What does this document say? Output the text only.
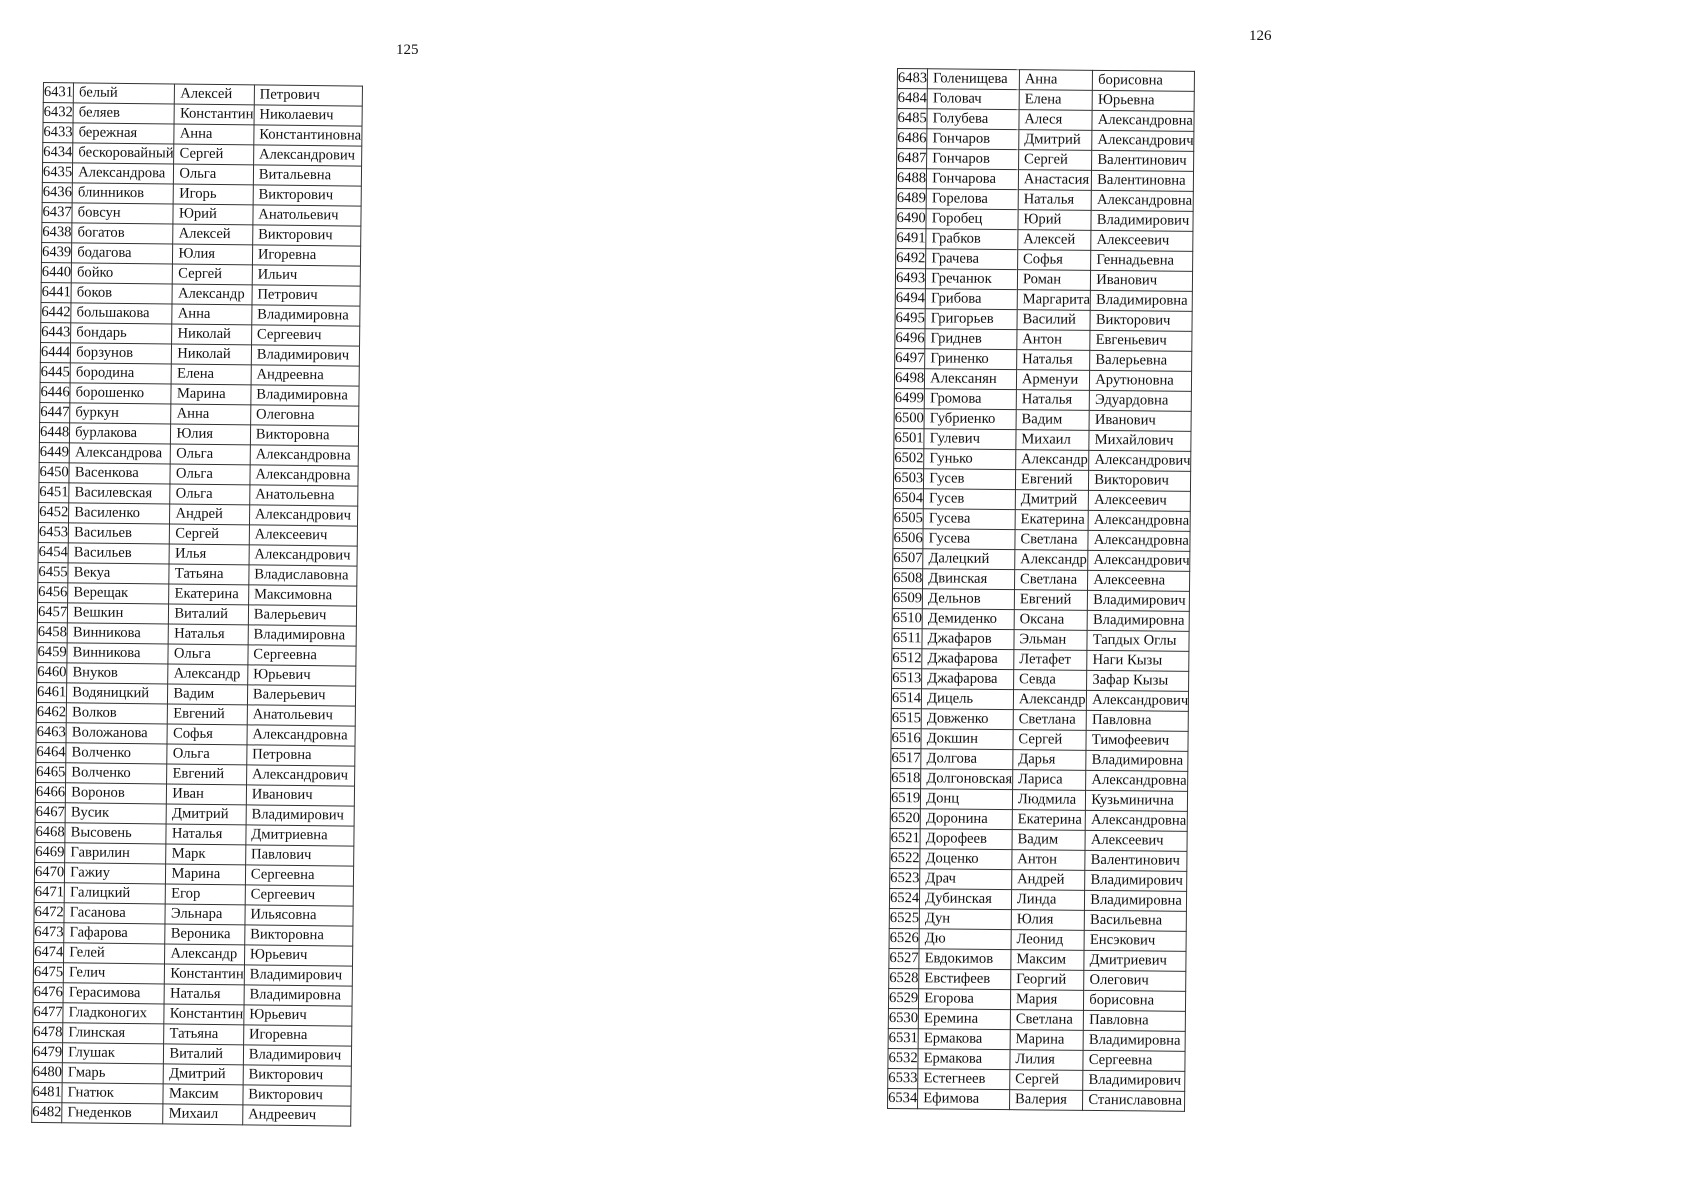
125
6431	белый	Алексей	Петрович
6432	беляев	Константин	Николаевич
6433	бережная	Анна	Константиновна
6434	бескоровайный	Сергей	Александрович
6435	Александрова	Ольга	Витальевна
6436	блинников	Игорь	Викторович
6437	бовсун	Юрий	Анатольевич
6438	богатов	Алексей	Викторович
6439	бодагова	Юлия	Игоревна
6440	бойко	Сергей	Ильич
6441	боков	Александр	Петрович
6442	большакова	Анна	Владимировна
6443	бондарь	Николай	Сергеевич
6444	борзунов	Николай	Владимирович
6445	бородина	Елена	Андреевна
6446	борошенко	Марина	Владимировна
6447	буркун	Анна	Олеговна
6448	бурлакова	Юлия	Викторовна
6449	Александрова	Ольга	Александровна
6450	Васенкова	Ольга	Александровна
6451	Василевская	Ольга	Анатольевна
6452	Василенко	Андрей	Александрович
6453	Васильев	Сергей	Алексеевич
6454	Васильев	Илья	Александрович
6455	Векуа	Татьяна	Владиславовна
6456	Верещак	Екатерина	Максимовна
6457	Вешкин	Виталий	Валерьевич
6458	Винникова	Наталья	Владимировна
6459	Винникова	Ольга	Сергеевна
6460	Внуков	Александр	Юрьевич
6461	Водяницкий	Вадим	Валерьевич
6462	Волков	Евгений	Анатольевич
6463	Воложанова	Софья	Александровна
6464	Волченко	Ольга	Петровна
6465	Волченко	Евгений	Александрович
6466	Воронов	Иван	Иванович
6467	Вусик	Дмитрий	Владимирович
6468	Высовень	Наталья	Дмитриевна
6469	Гаврилин	Марк	Павлович
6470	Гажиу	Марина	Сергеевна
6471	Галицкий	Егор	Сергеевич
6472	Гасанова	Эльнара	Ильясовна
6473	Гафарова	Вероника	Викторовна
6474	Гелей	Александр	Юрьевич
6475	Гелич	Константин	Владимирович
6476	Герасимова	Наталья	Владимировна
6477	Гладконогих	Константин	Юрьевич
6478	Глинская	Татьяна	Игоревна
6479	Глушак	Виталий	Владимирович
6480	Гмарь	Дмитрий	Викторович
6481	Гнатюк	Максим	Викторович
6482	Гнеденков	Михаил	Андреевич
126
6483	Голенищева	Анна	борисовна
6484	Головач	Елена	Юрьевна
6485	Голубева	Алеся	Александровна
6486	Гончаров	Дмитрий	Александрович
6487	Гончаров	Сергей	Валентинович
6488	Гончарова	Анастасия	Валентиновна
6489	Горелова	Наталья	Александровна
6490	Горобец	Юрий	Владимирович
6491	Грабков	Алексей	Алексеевич
6492	Грачева	Софья	Геннадьевна
6493	Гречанюк	Роман	Иванович
6494	Грибова	Маргарита	Владимировна
6495	Григорьев	Василий	Викторович
6496	Гриднев	Антон	Евгеньевич
6497	Гриненко	Наталья	Валерьевна
6498	Алексанян	Арменуи	Арутюновна
6499	Громова	Наталья	Эдуардовна
6500	Губриенко	Вадим	Иванович
6501	Гулевич	Михаил	Михайлович
6502	Гунько	Александр	Александрович
6503	Гусев	Евгений	Викторович
6504	Гусев	Дмитрий	Алексеевич
6505	Гусева	Екатерина	Александровна
6506	Гусева	Светлана	Александровна
6507	Далецкий	Александр	Александрович
6508	Двинская	Светлана	Алексеевна
6509	Дельнов	Евгений	Владимирович
6510	Демиденко	Оксана	Владимировна
6511	Джафаров	Эльман	Тапдых Оглы
6512	Джафарова	Летафет	Наги Кызы
6513	Джафарова	Севда	Зафар Кызы
6514	Дицель	Александр	Александрович
6515	Довженко	Светлана	Павловна
6516	Докшин	Сергей	Тимофеевич
6517	Долгова	Дарья	Владимировна
6518	Долгоновская	Лариса	Александровна
6519	Донц	Людмила	Кузьминична
6520	Доронина	Екатерина	Александровна
6521	Дорофеев	Вадим	Алексеевич
6522	Доценко	Антон	Валентинович
6523	Драч	Андрей	Владимирович
6524	Дубинская	Линда	Владимировна
6525	Дун	Юлия	Васильевна
6526	Дю	Леонид	Енсэкович
6527	Евдокимов	Максим	Дмитриевич
6528	Евстифеев	Георгий	Олегович
6529	Егорова	Мария	борисовна
6530	Еремина	Светлана	Павловна
6531	Ермакова	Марина	Владимировна
6532	Ермакова	Лилия	Сергеевна
6533	Естегнеев	Сергей	Владимирович
6534	Ефимова	Валерия	Станиславовна
